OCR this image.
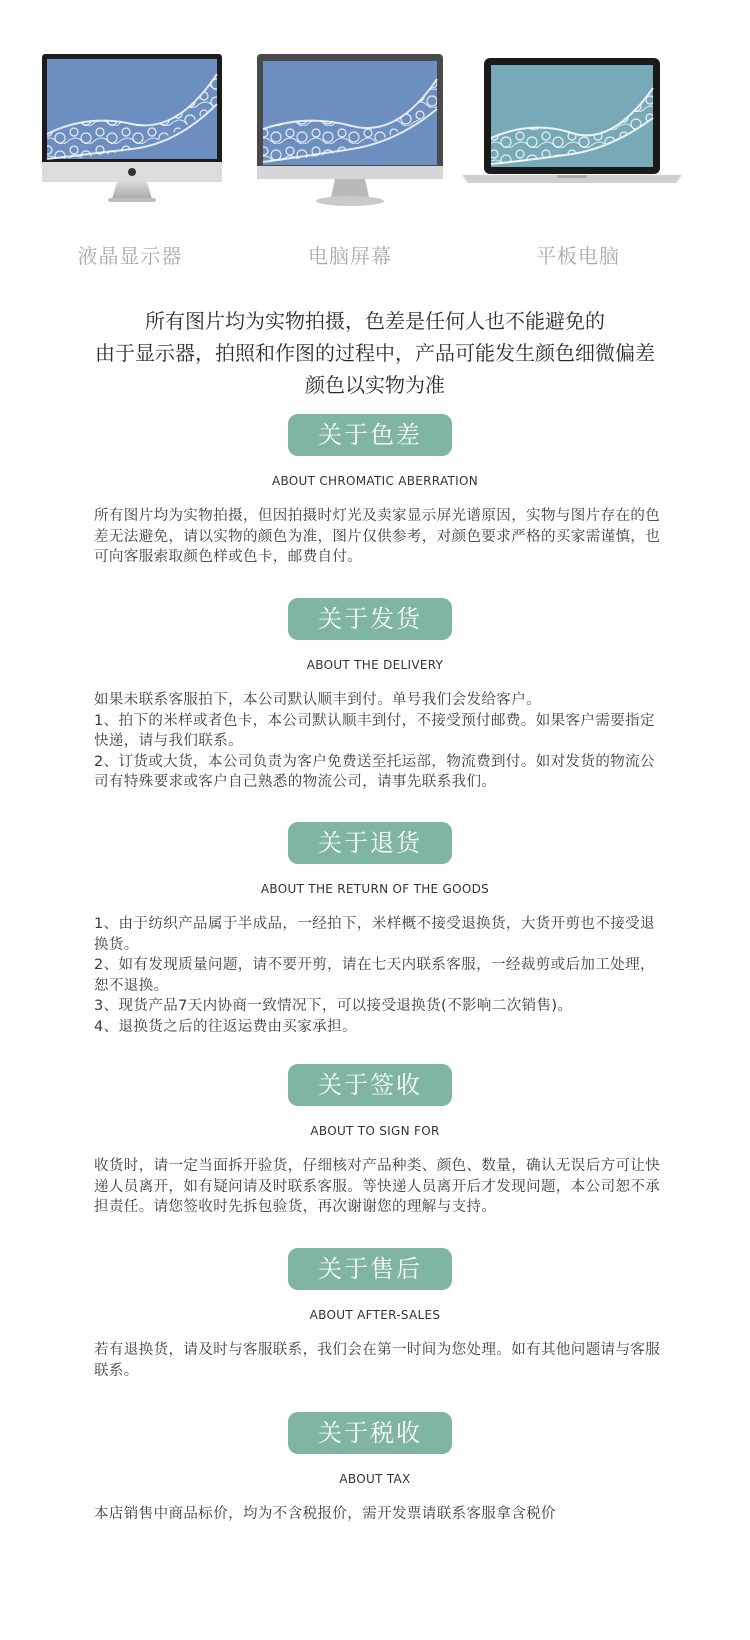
液晶显示器	电脑屏幕	平板电脑
所有图片均为实物拍摄，色差是任何人也不能避免的
由于显示器，拍照和作图的过程中，产品可能发生颜色细微偏差
颜色以实物为准
关于色差
ABOUT CHROMATIC ABERRATION

所有图片均为实物拍摄，但因拍摄时灯光及卖家显示屏光谱原因，实物与图片存在的色差无法避免，请以实物的颜色为准，图片仅供参考，对颜色要求严格的买家需谨慎，也可向客服索取颜色样或色卡，邮费自付。

关于发货
ABOUT THE DELIVERY

如果未联系客服拍下，本公司默认顺丰到付。单号我们会发给客户。

1、拍下的米样或者色卡，本公司默认顺丰到付，不接受预付邮费。如果客户需要指定快递，请与我们联系。

2、订货或大货，本公司负责为客户免费送至托运部，物流费到付。如对发货的物流公司有特殊要求或客户自己熟悉的物流公司，请事先联系我们。

关于退货
ABOUT THE RETURN OF THE GOODS

1、由于纺织产品属于半成品，一经拍下，米样概不接受退换货，大货开剪也不接受退换货。

2、如有发现质量问题，请不要开剪，请在七天内联系客服，一经裁剪或后加工处理，恕不退换。

3、现货产品7天内协商一致情况下，可以接受退换货(不影响二次销售)。

4、退换货之后的往返运费由买家承担。

关于签收
ABOUT TO SIGN FOR

收货时，请一定当面拆开验货，仔细核对产品种类、颜色、数量，确认无误后方可让快递人员离开，如有疑问请及时联系客服。等快递人员离开后才发现问题，本公司恕不承担责任。请您签收时先拆包验货，再次谢谢您的理解与支持。

关于售后
ABOUT AFTER-SALES

若有退换货，请及时与客服联系，我们会在第一时间为您处理。如有其他问题请与客服联系。

关于税收
ABOUT TAX

本店销售中商品标价，均为不含税报价，需开发票请联系客服拿含税价
